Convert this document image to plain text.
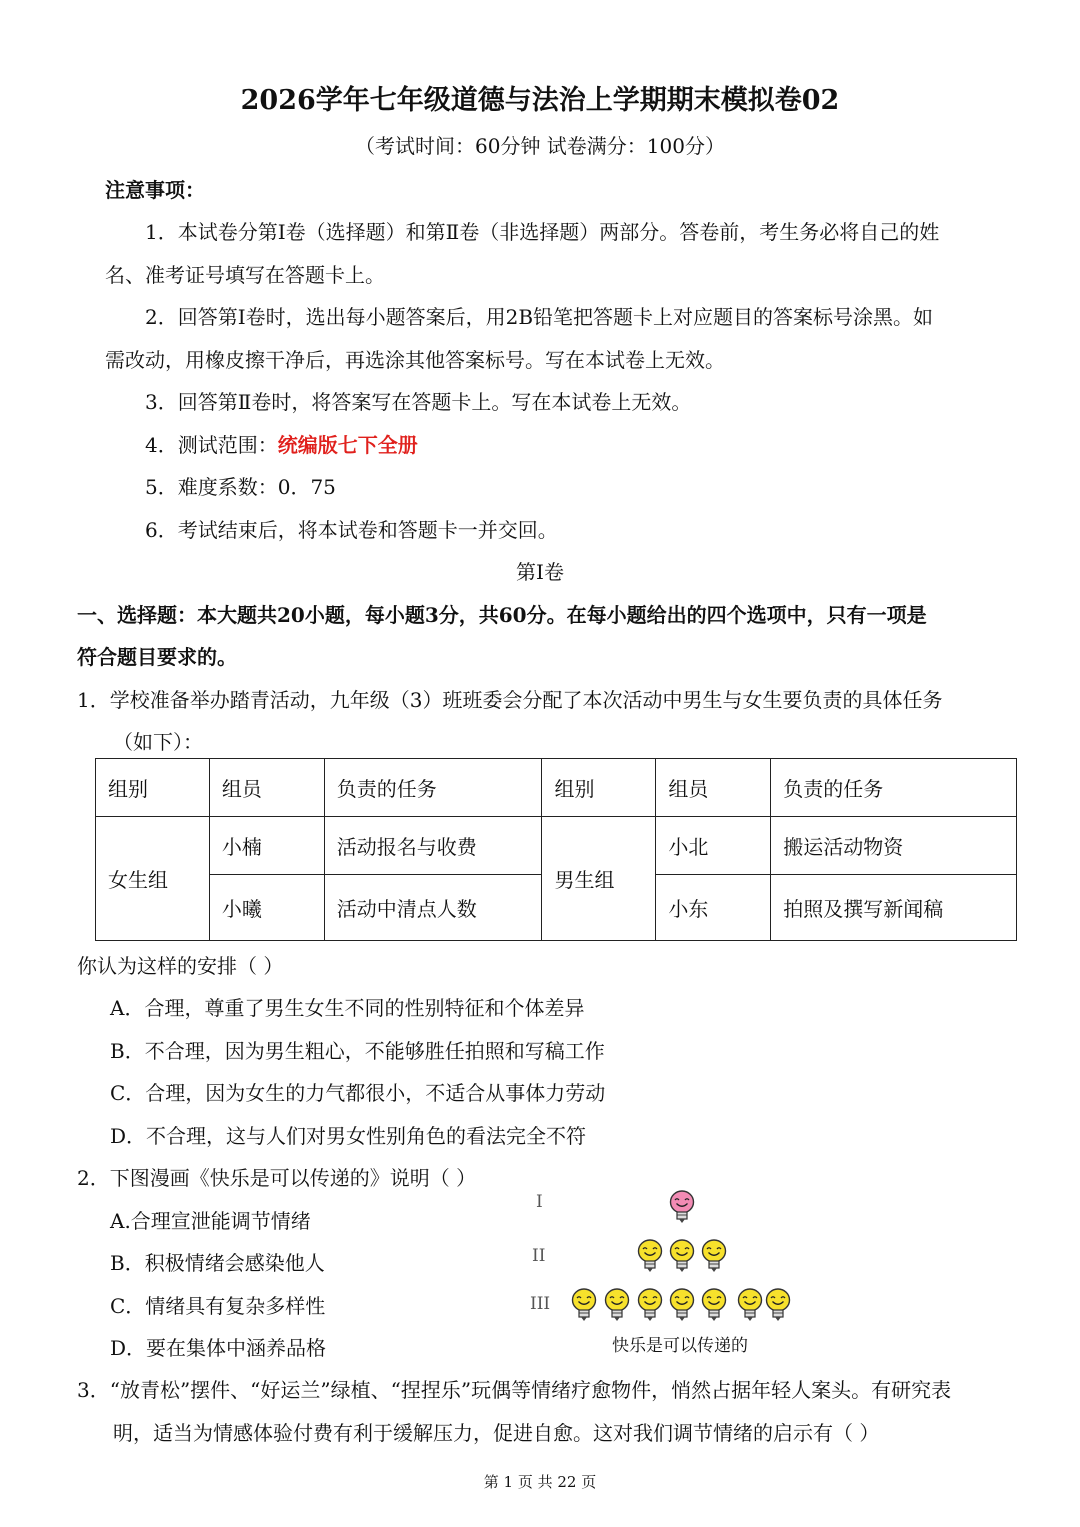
2026学年七年级道德与法治上学期期末模拟卷02
（考试时间：60分钟 试卷满分：100分）
注意事项：
1．本试卷分第Ⅰ卷（选择题）和第Ⅱ卷（非选择题）两部分。答卷前，考生务必将自己的姓
名、准考证号填写在答题卡上。
2．回答第Ⅰ卷时，选出每小题答案后，用2B铅笔把答题卡上对应题目的答案标号涂黑。如
需改动，用橡皮擦干净后，再选涂其他答案标号。写在本试卷上无效。
3．回答第Ⅱ卷时，将答案写在答题卡上。写在本试卷上无效。
4．测试范围：统编版七下全册
5．难度系数：0．75
6．考试结束后，将本试卷和答题卡一并交回。
第Ⅰ卷
一、选择题：本大题共20小题，每小题3分，共60分。在每小题给出的四个选项中，只有一项是
符合题目要求的。
1．学校准备举办踏青活动，九年级（3）班班委会分配了本次活动中男生与女生要负责的具体任务
（如下）：
组别	组员	负责的任务	组别	组员	负责的任务
女生组	小楠	活动报名与收费	男生组	小北	搬运活动物资
	小曦	活动中清点人数		小东	拍照及撰写新闻稿
你认为这样的安排（ ）
A．合理，尊重了男生女生不同的性别特征和个体差异
B．不合理，因为男生粗心，不能够胜任拍照和写稿工作
C．合理，因为女生的力气都很小，不适合从事体力劳动
D．不合理，这与人们对男女性别角色的看法完全不符
2．下图漫画《快乐是可以传递的》说明（ ）
A.合理宣泄能调节情绪
B．积极情绪会感染他人
C．情绪具有复杂多样性
D．要在集体中涵养品格
I
II
III
快乐是可以传递的
3．“放青松”摆件、“好运兰”绿植、“捏捏乐”玩偶等情绪疗愈物件，悄然占据年轻人案头。有研究表
明，适当为情感体验付费有利于缓解压力，促进自愈。这对我们调节情绪的启示有（ ）
第 1 页 共 22 页
